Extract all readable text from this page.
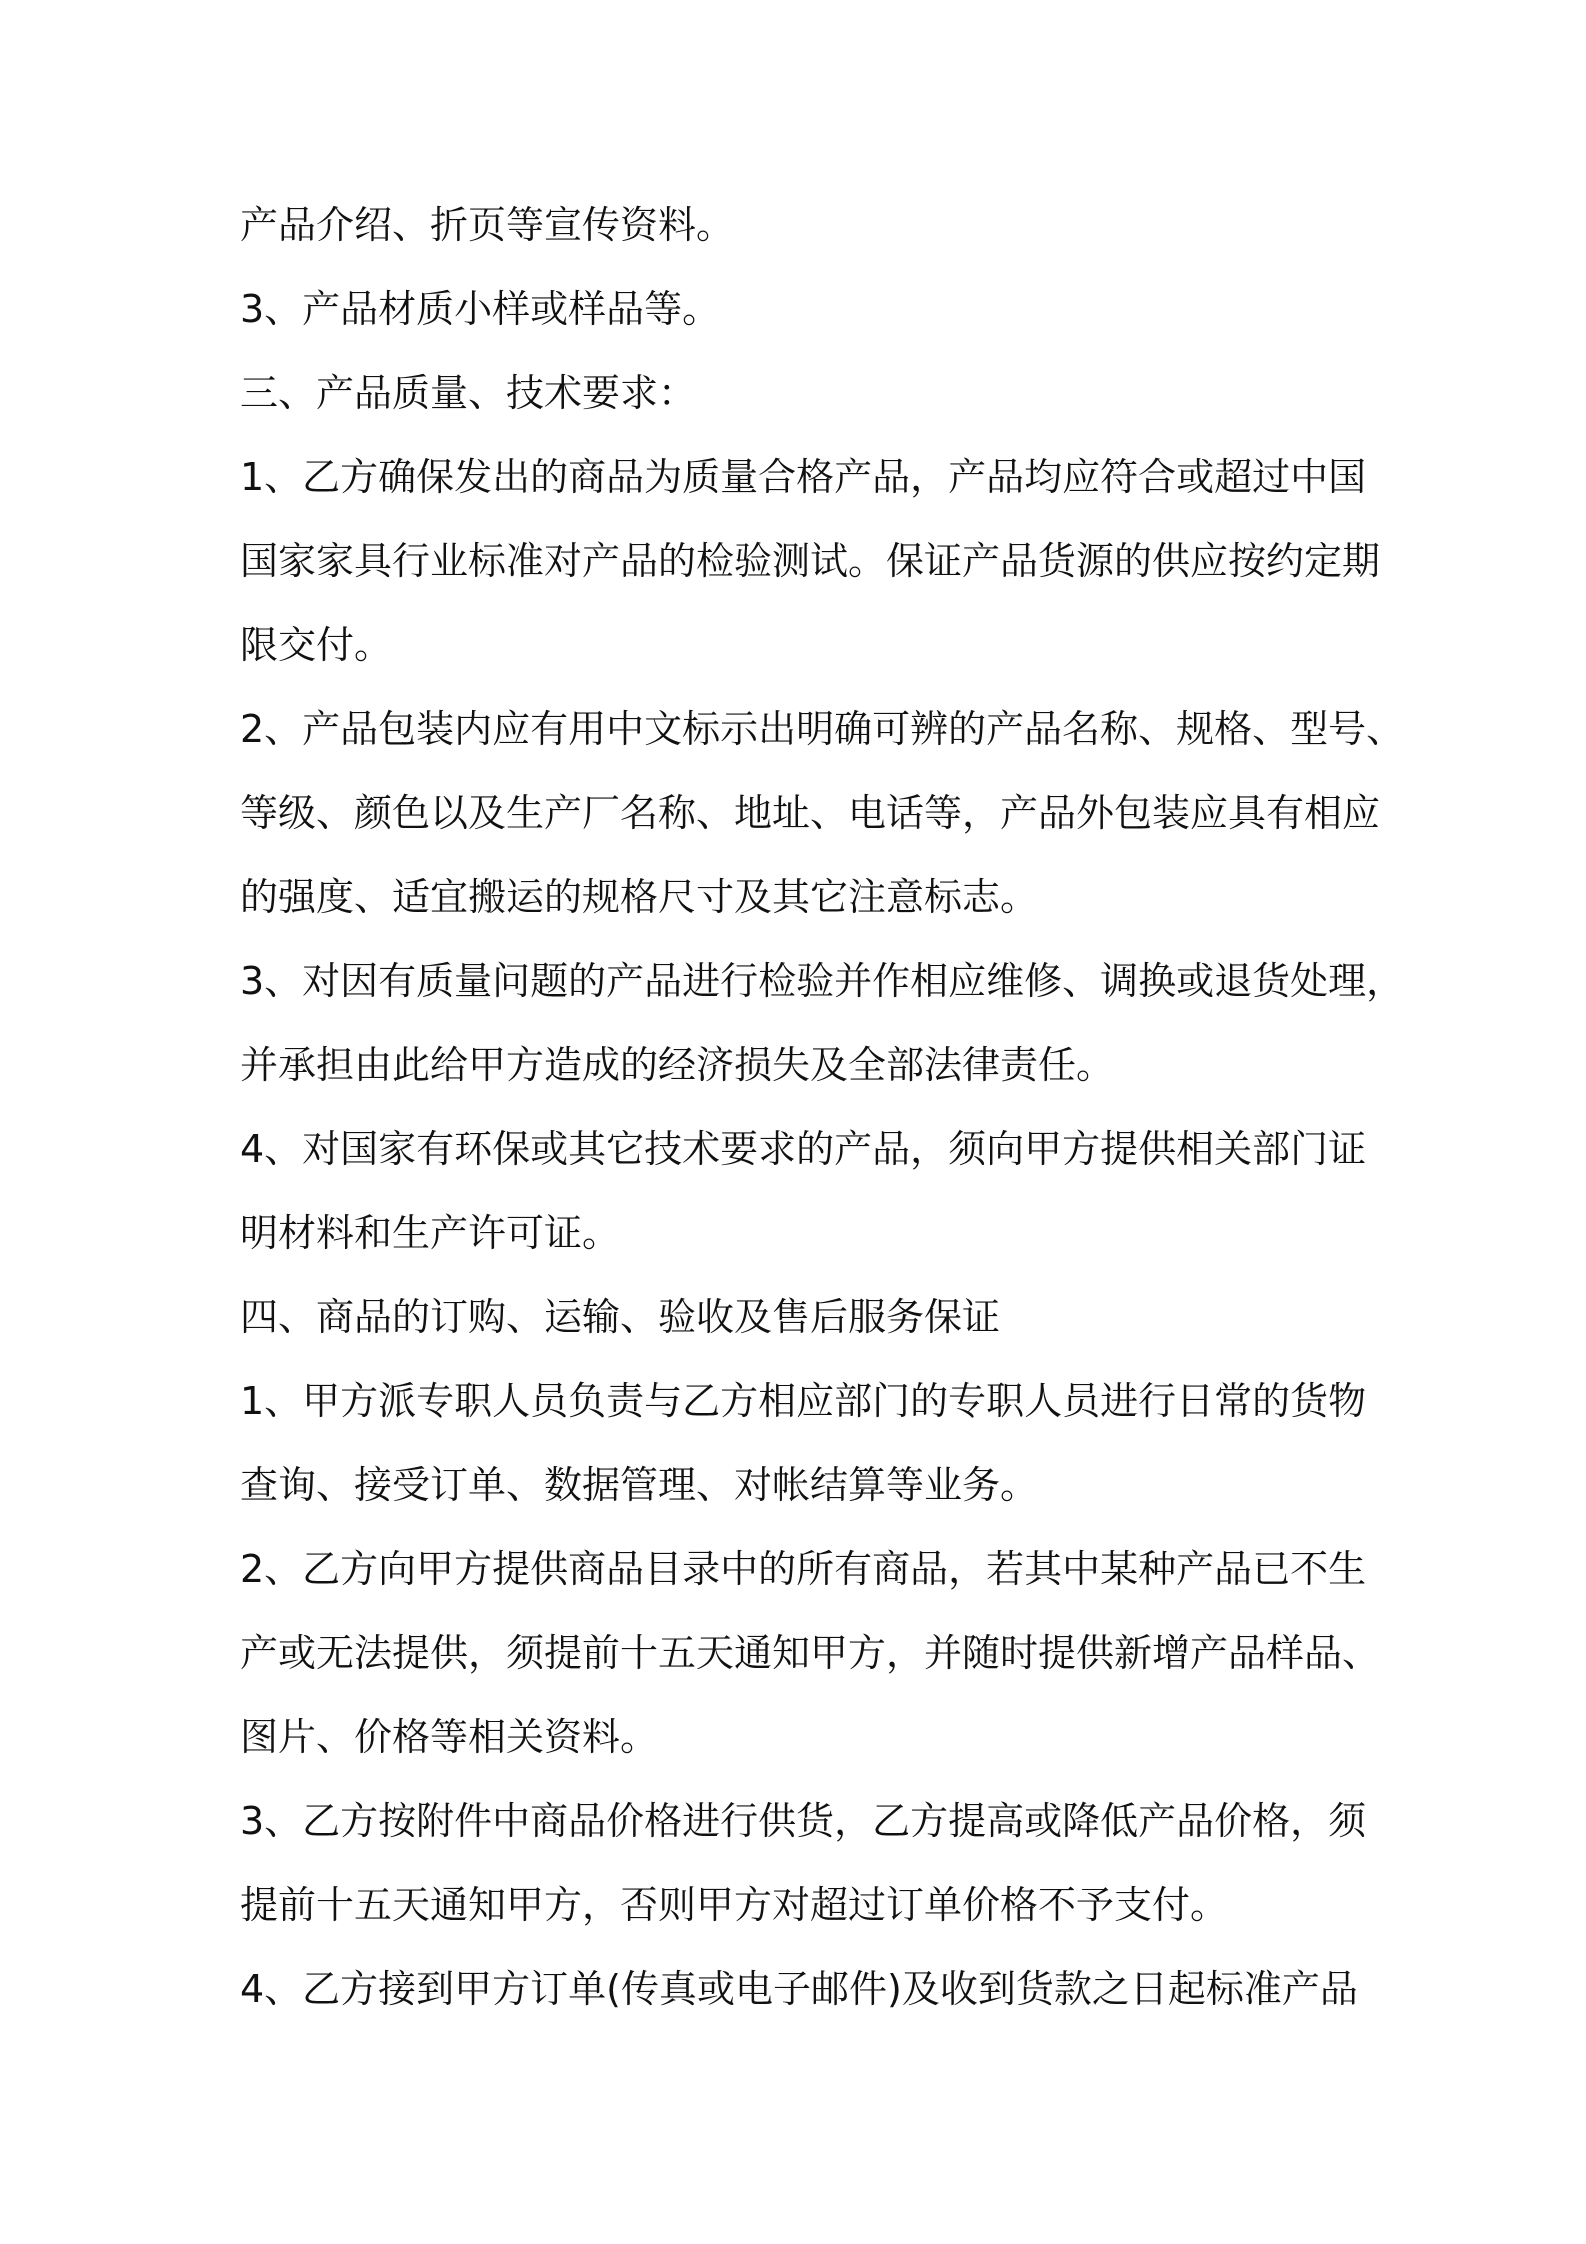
产品介绍、折页等宣传资料。
3、产品材质小样或样品等。
三、产品质量、技术要求：
1、乙方确保发出的商品为质量合格产品，产品均应符合或超过中国
国家家具行业标准对产品的检验测试。保证产品货源的供应按约定期
限交付。
2、产品包装内应有用中文标示出明确可辨的产品名称、规格、型号、
等级、颜色以及生产厂名称、地址、电话等，产品外包装应具有相应
的强度、适宜搬运的规格尺寸及其它注意标志。
3、对因有质量问题的产品进行检验并作相应维修、调换或退货处理，
并承担由此给甲方造成的经济损失及全部法律责任。
4、对国家有环保或其它技术要求的产品，须向甲方提供相关部门证
明材料和生产许可证。
四、商品的订购、运输、验收及售后服务保证
1、甲方派专职人员负责与乙方相应部门的专职人员进行日常的货物
查询、接受订单、数据管理、对帐结算等业务。
2、乙方向甲方提供商品目录中的所有商品，若其中某种产品已不生
产或无法提供，须提前十五天通知甲方，并随时提供新增产品样品、
图片、价格等相关资料。
3、乙方按附件中商品价格进行供货，乙方提高或降低产品价格，须
提前十五天通知甲方，否则甲方对超过订单价格不予支付。
4、乙方接到甲方订单(传真或电子邮件)及收到货款之日起标准产品
